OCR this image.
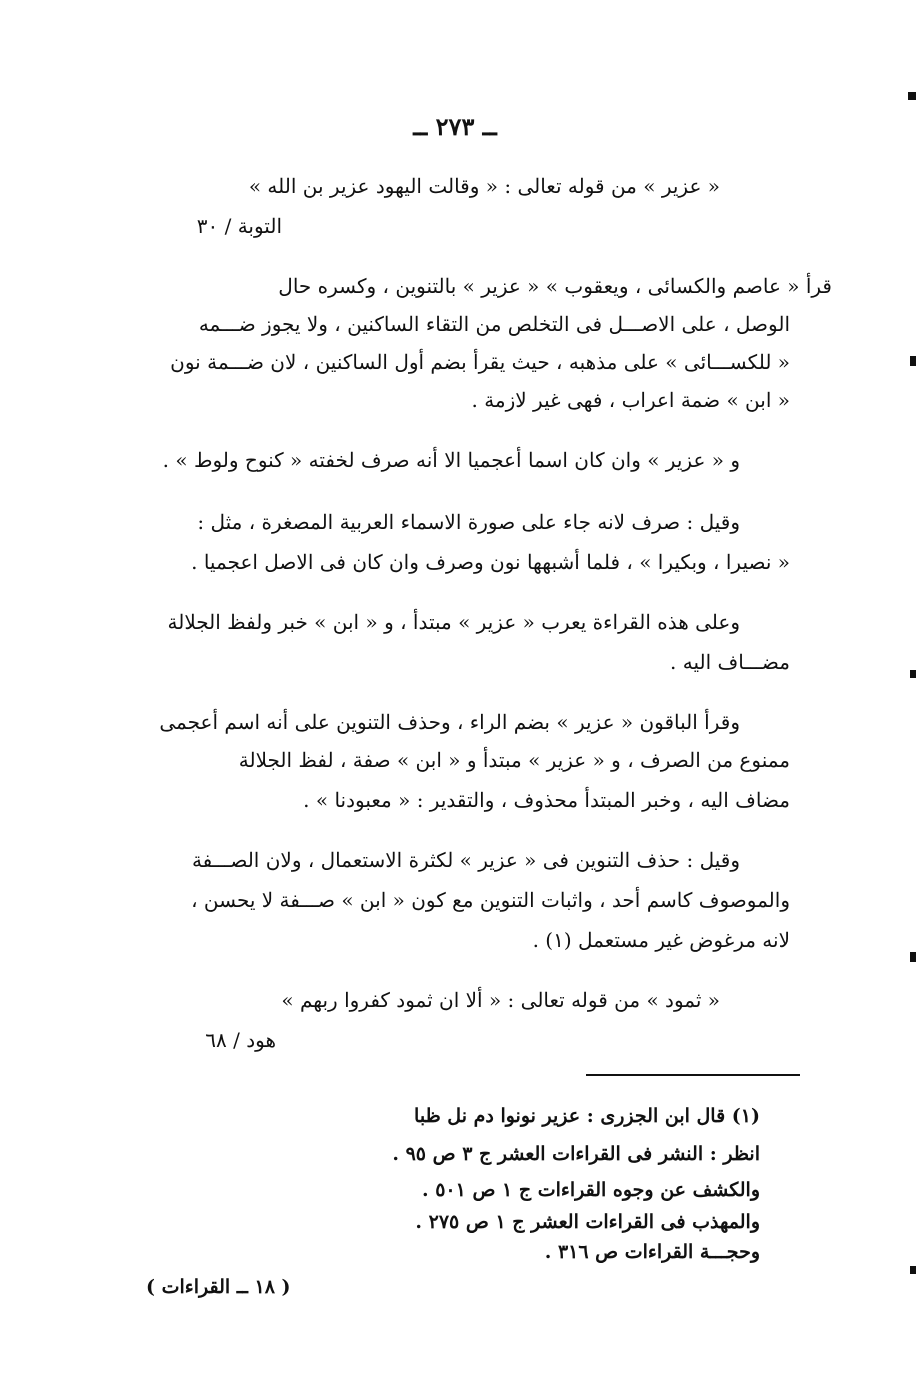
ــ ٢٧٣ ــ
« عزير » من قوله تعالى : « وقالت اليهود عزير بن الله »
التوبة / ٣٠
قرأ « عاصم والكسائى ، ويعقوب » « عزير » بالتنوين ، وكسره حال
الوصل ، على الاصـــل فى التخلص من التقاء الساكنين ، ولا يجوز ضـــمه
« للكســـائى » على مذهبه ، حيث يقرأ بضم أول الساكنين ، لان ضـــمة نون
« ابن » ضمة اعراب ، فهى غير لازمة .
و « عزير » وان كان اسما أعجميا الا أنه صرف لخفته « كنوح ولوط » .
وقيل : صرف لانه جاء على صورة الاسماء العربية المصغرة ، مثل :
« نصيرا ، وبكيرا » ، فلما أشبهها نون وصرف وان كان فى الاصل اعجميا .
وعلى هذه القراءة يعرب « عزير » مبتدأ ، و « ابن » خبر ولفظ الجلالة
مضـــاف اليه .
وقرأ الباقون « عزير » بضم الراء ، وحذف التنوين على أنه اسم أعجمى
ممنوع من الصرف ، و « عزير » مبتدأ و « ابن » صفة ، لفظ الجلالة
مضاف اليه ، وخبر المبتدأ محذوف ، والتقدير : « معبودنا » .
وقيل : حذف التنوين فى « عزير » لكثرة الاستعمال ، ولان الصـــفة
والموصوف كاسم أحد ، واثبات التنوين مع كون « ابن » صـــفة لا يحسن ،
لانه مرغوض غير مستعمل (١) .
« ثمود » من قوله تعالى : « ألا ان ثمود كفروا ربهم »
هود / ٦٨
(١) قال ابن الجزرى : عزير نونوا دم نل ظبا
انظر : النشر فى القراءات العشر ج ٣ ص ٩٥ .
والكشف عن وجوه القراءات ج ١ ص ٥٠١ .
والمهذب فى القراءات العشر ج ١ ص ٢٧٥ .
وحجـــة القراءات ص ٣١٦ .
( ١٨ ــ القراءات )
